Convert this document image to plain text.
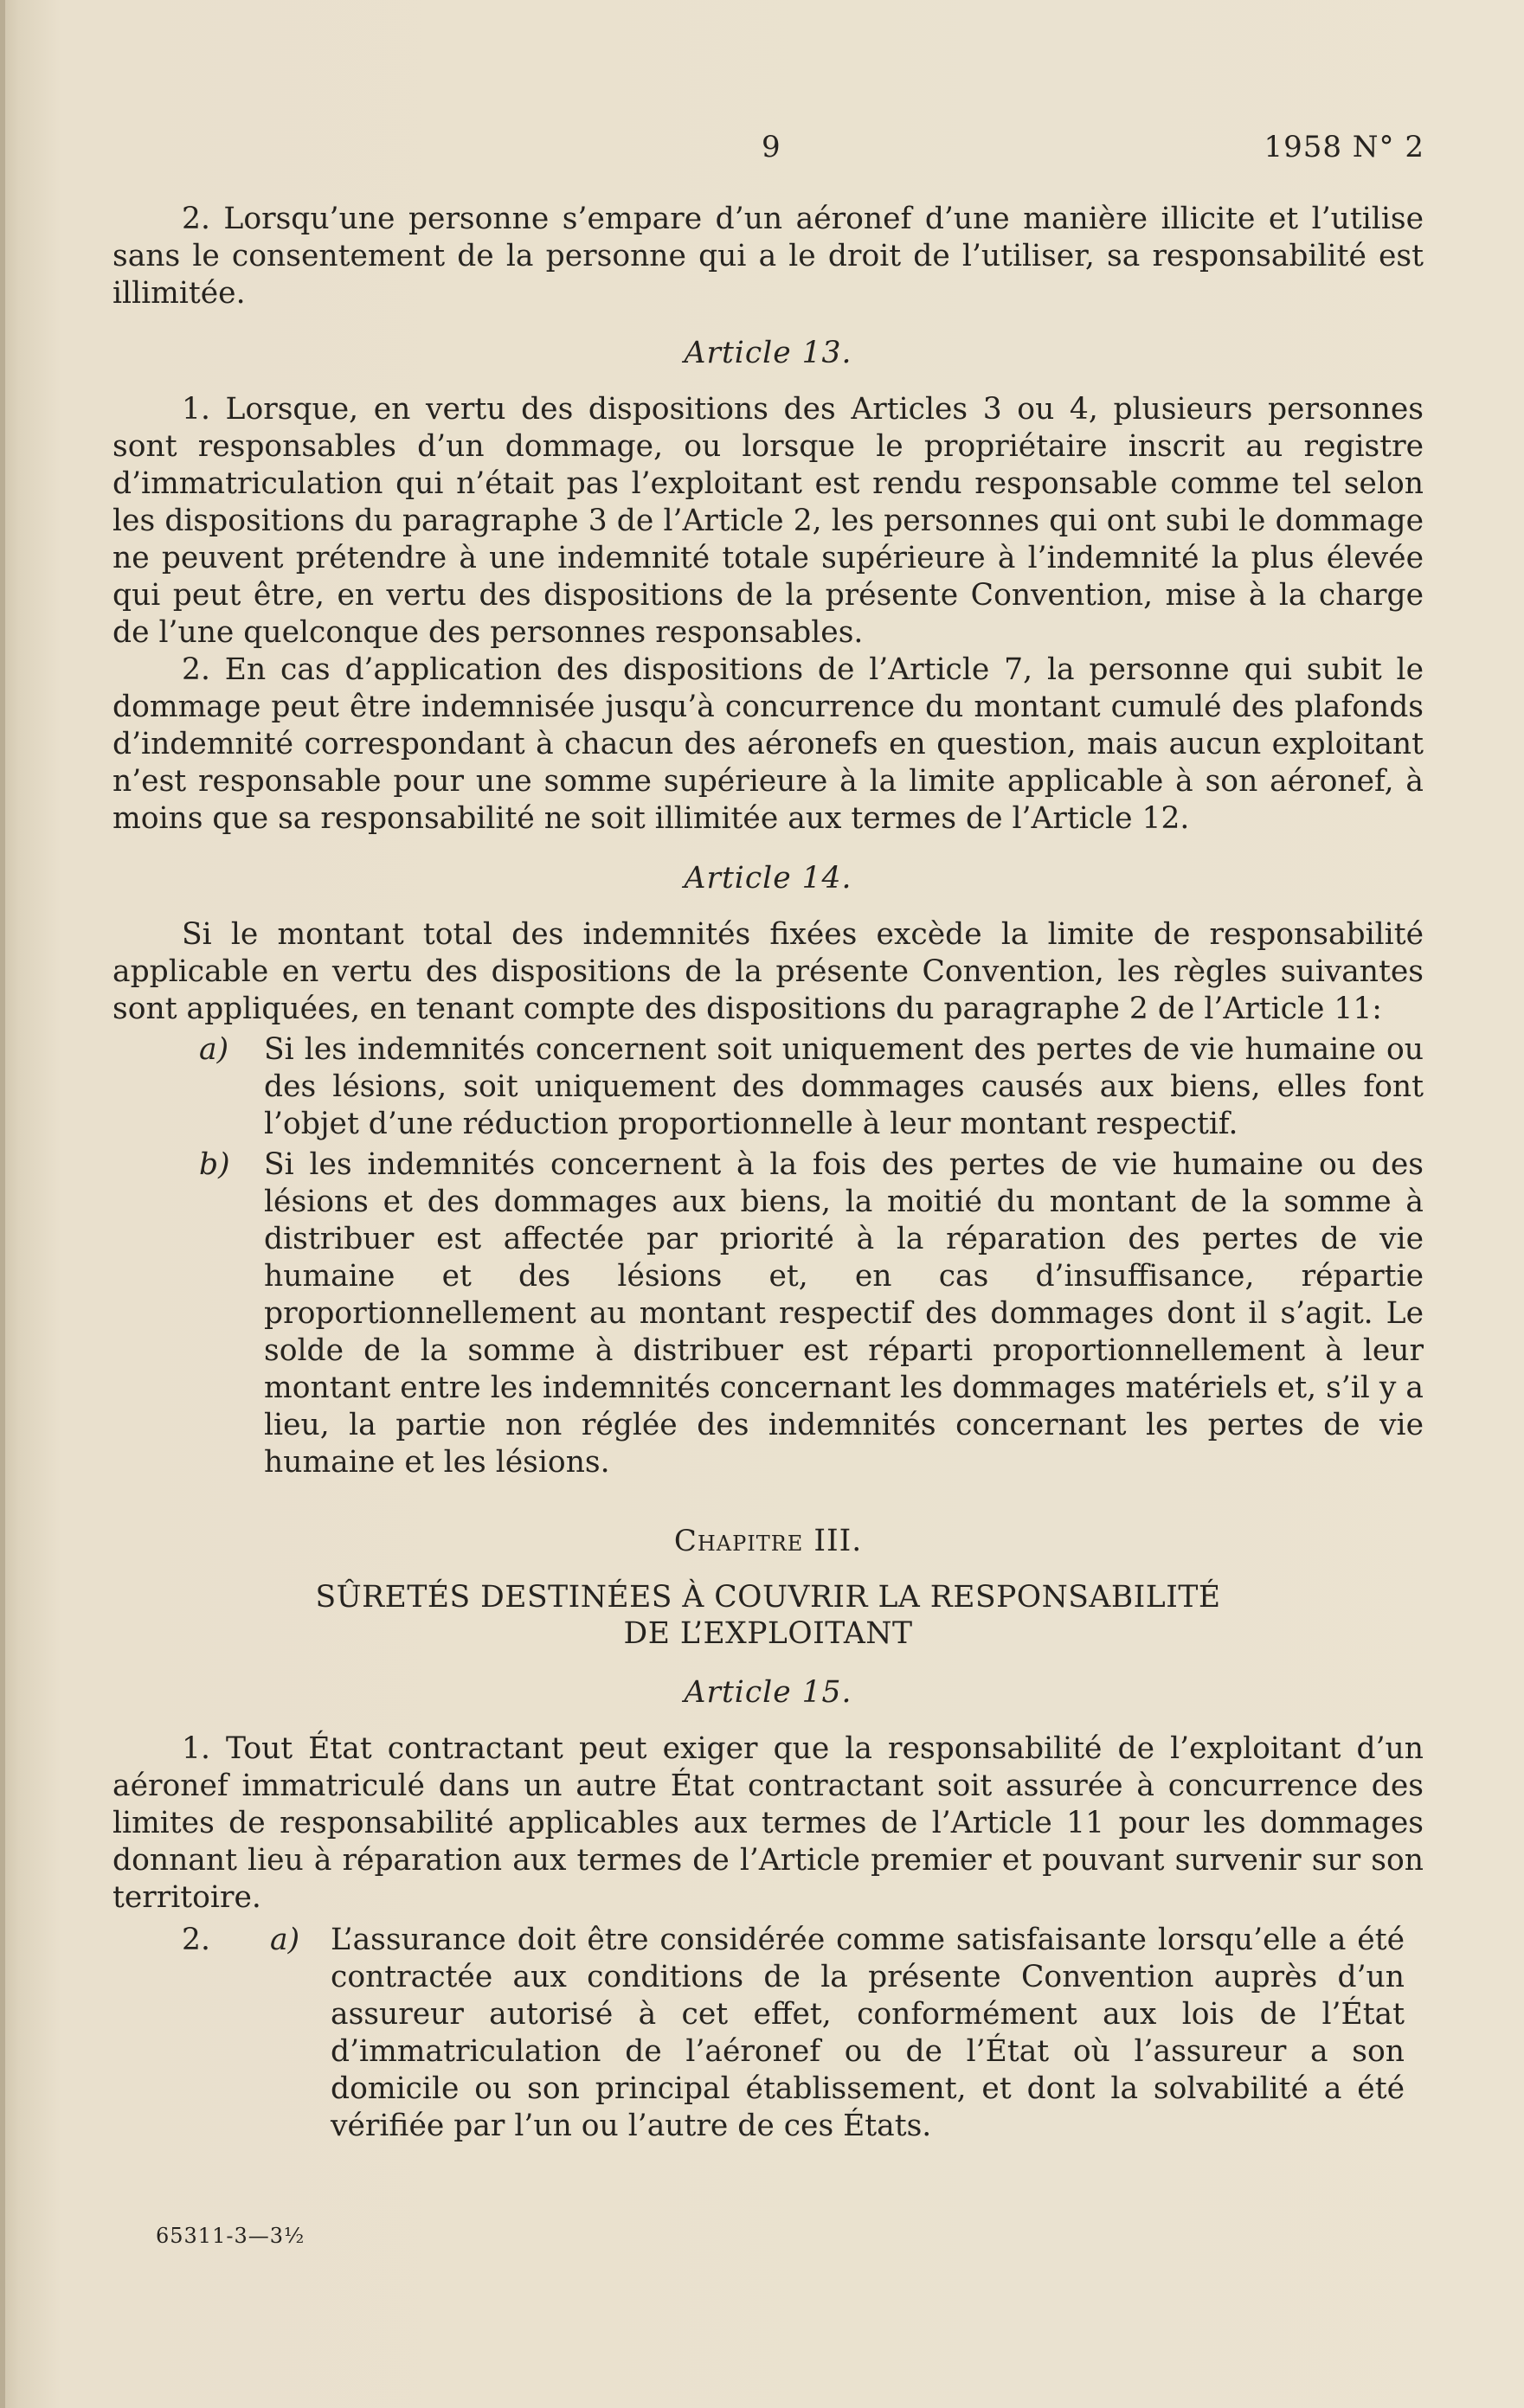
9	1958 N° 2

2. Lorsqu’une personne s’empare d’un aéronef d’une manière illicite et l’utilise sans le consentement de la personne qui a le droit de l’utiliser, sa responsabilité est illimitée.

Article 13.

1. Lorsque, en vertu des dispositions des Articles 3 ou 4, plusieurs personnes sont responsables d’un dommage, ou lorsque le propriétaire inscrit au registre d’immatriculation qui n’était pas l’exploitant est rendu responsable comme tel selon les dispositions du paragraphe 3 de l’Article 2, les personnes qui ont subi le dommage ne peuvent prétendre à une indemnité totale supérieure à l’indemnité la plus élevée qui peut être, en vertu des dispositions de la présente Convention, mise à la charge de l’une quelconque des personnes responsables.

2. En cas d’application des dispositions de l’Article 7, la personne qui subit le dommage peut être indemnisée jusqu’à concurrence du montant cumulé des plafonds d’indemnité correspondant à chacun des aéronefs en question, mais aucun exploitant n’est responsable pour une somme supérieure à la limite applicable à son aéronef, à moins que sa responsabilité ne soit illimitée aux termes de l’Article 12.

Article 14.

Si le montant total des indemnités fixées excède la limite de responsabilité applicable en vertu des dispositions de la présente Convention, les règles suivantes sont appliquées, en tenant compte des dispositions du paragraphe 2 de l’Article 11:

a)	Si les indemnités concernent soit uniquement des pertes de vie humaine ou des lésions, soit uniquement des dommages causés aux biens, elles font l’objet d’une réduction proportionnelle à leur montant respectif.
b)	Si les indemnités concernent à la fois des pertes de vie humaine ou des lésions et des dommages aux biens, la moitié du montant de la somme à distribuer est affectée par priorité à la réparation des pertes de vie humaine et des lésions et, en cas d’insuffisance, répartie proportionnellement au montant respectif des dommages dont il s’agit. Le solde de la somme à distribuer est réparti proportionnellement à leur montant entre les indemnités concernant les dommages matériels et, s’il y a lieu, la partie non réglée des indemnités concernant les pertes de vie humaine et les lésions.
Chapitre III.
SÛRETÉS DESTINÉES À COUVRIR LA RESPONSABILITÉ
DE L’EXPLOITANT
Article 15.

1. Tout État contractant peut exiger que la responsabilité de l’exploitant d’un aéronef immatriculé dans un autre État contractant soit assurée à concurrence des limites de responsabilité applicables aux termes de l’Article 11 pour les dommages donnant lieu à réparation aux termes de l’Article premier et pouvant survenir sur son territoire.

2.	a)	L’assurance doit être considérée comme satisfaisante lorsqu’elle a été contractée aux conditions de la présente Convention auprès d’un assureur autorisé à cet effet, conformément aux lois de l’État d’immatriculation de l’aéronef ou de l’État où l’assureur a son domicile ou son principal établissement, et dont la solvabilité a été vérifiée par l’un ou l’autre de ces États.
65311-3—3½
